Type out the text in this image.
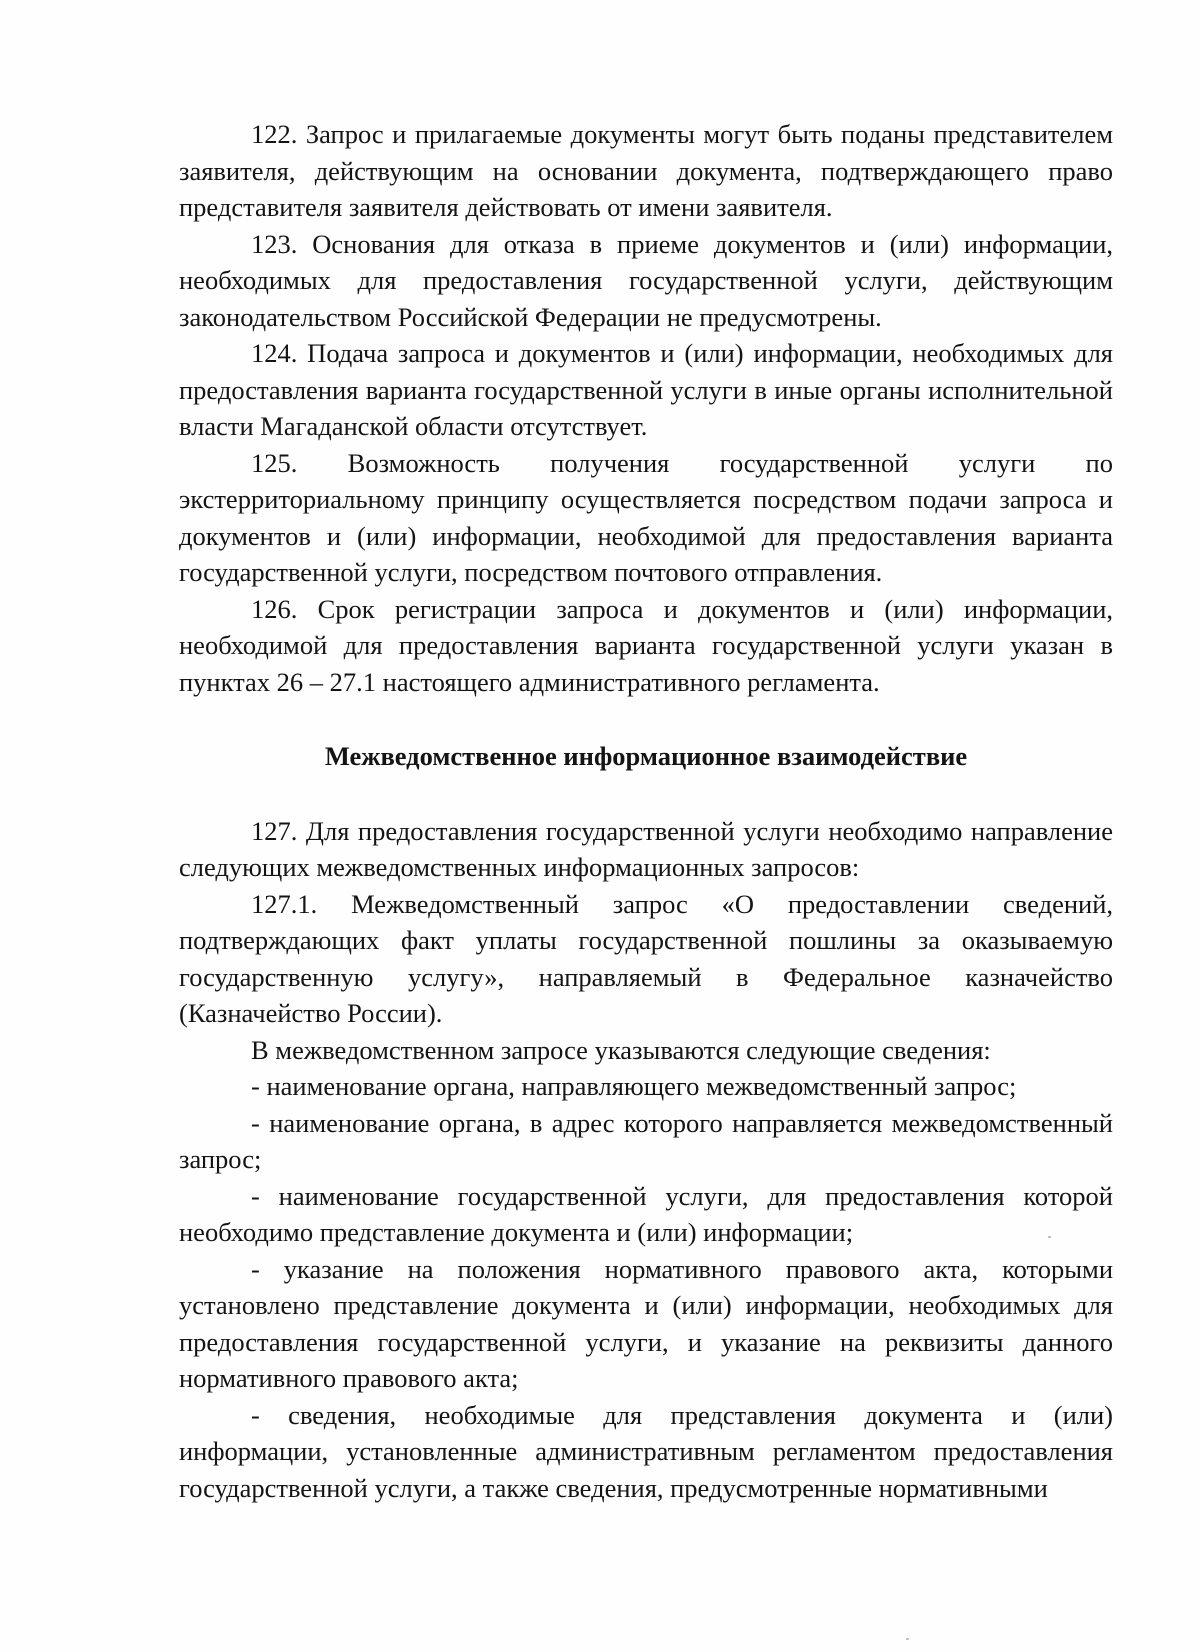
122. Запрос и прилагаемые документы могут быть поданы представителем заявителя, действующим на основании документа, подтверждающего право представителя заявителя действовать от имени заявителя.

123. Основания для отказа в приеме документов и (или) информации, необходимых для предоставления государственной услуги, действующим законодательством Российской Федерации не предусмотрены.

124. Подача запроса и документов и (или) информации, необходимых для предоставления варианта государственной услуги в иные органы исполнительной власти Магаданской области отсутствует.

125. Возможность получения государственной услуги по экстерриториальному принципу осуществляется посредством подачи запроса и документов и (или) информации, необходимой для предоставления варианта государственной услуги, посредством почтового отправления.

126. Срок регистрации запроса и документов и (или) информации, необходимой для предоставления варианта государственной услуги указан в пунктах 26 – 27.1 настоящего административного регламента.

Межведомственное информационное взаимодействие

127. Для предоставления государственной услуги необходимо направление следующих межведомственных информационных запросов:

127.1. Межведомственный запрос «О предоставлении сведений, подтверждающих факт уплаты государственной пошлины за оказываемую государственную услугу», направляемый в Федеральное казначейство (Казначейство России).

В межведомственном запросе указываются следующие сведения:

- наименование органа, направляющего межведомственный запрос;

- наименование органа, в адрес которого направляется межведомственный запрос;

- наименование государственной услуги, для предоставления которой необходимо представление документа и (или) информации;

- указание на положения нормативного правового акта, которыми установлено представление документа и (или) информации, необходимых для предоставления государственной услуги, и указание на реквизиты данного нормативного правового акта;

- сведения, необходимые для представления документа и (или) информации, установленные административным регламентом предоставления государственной услуги, а также сведения, предусмотренные нормативными
